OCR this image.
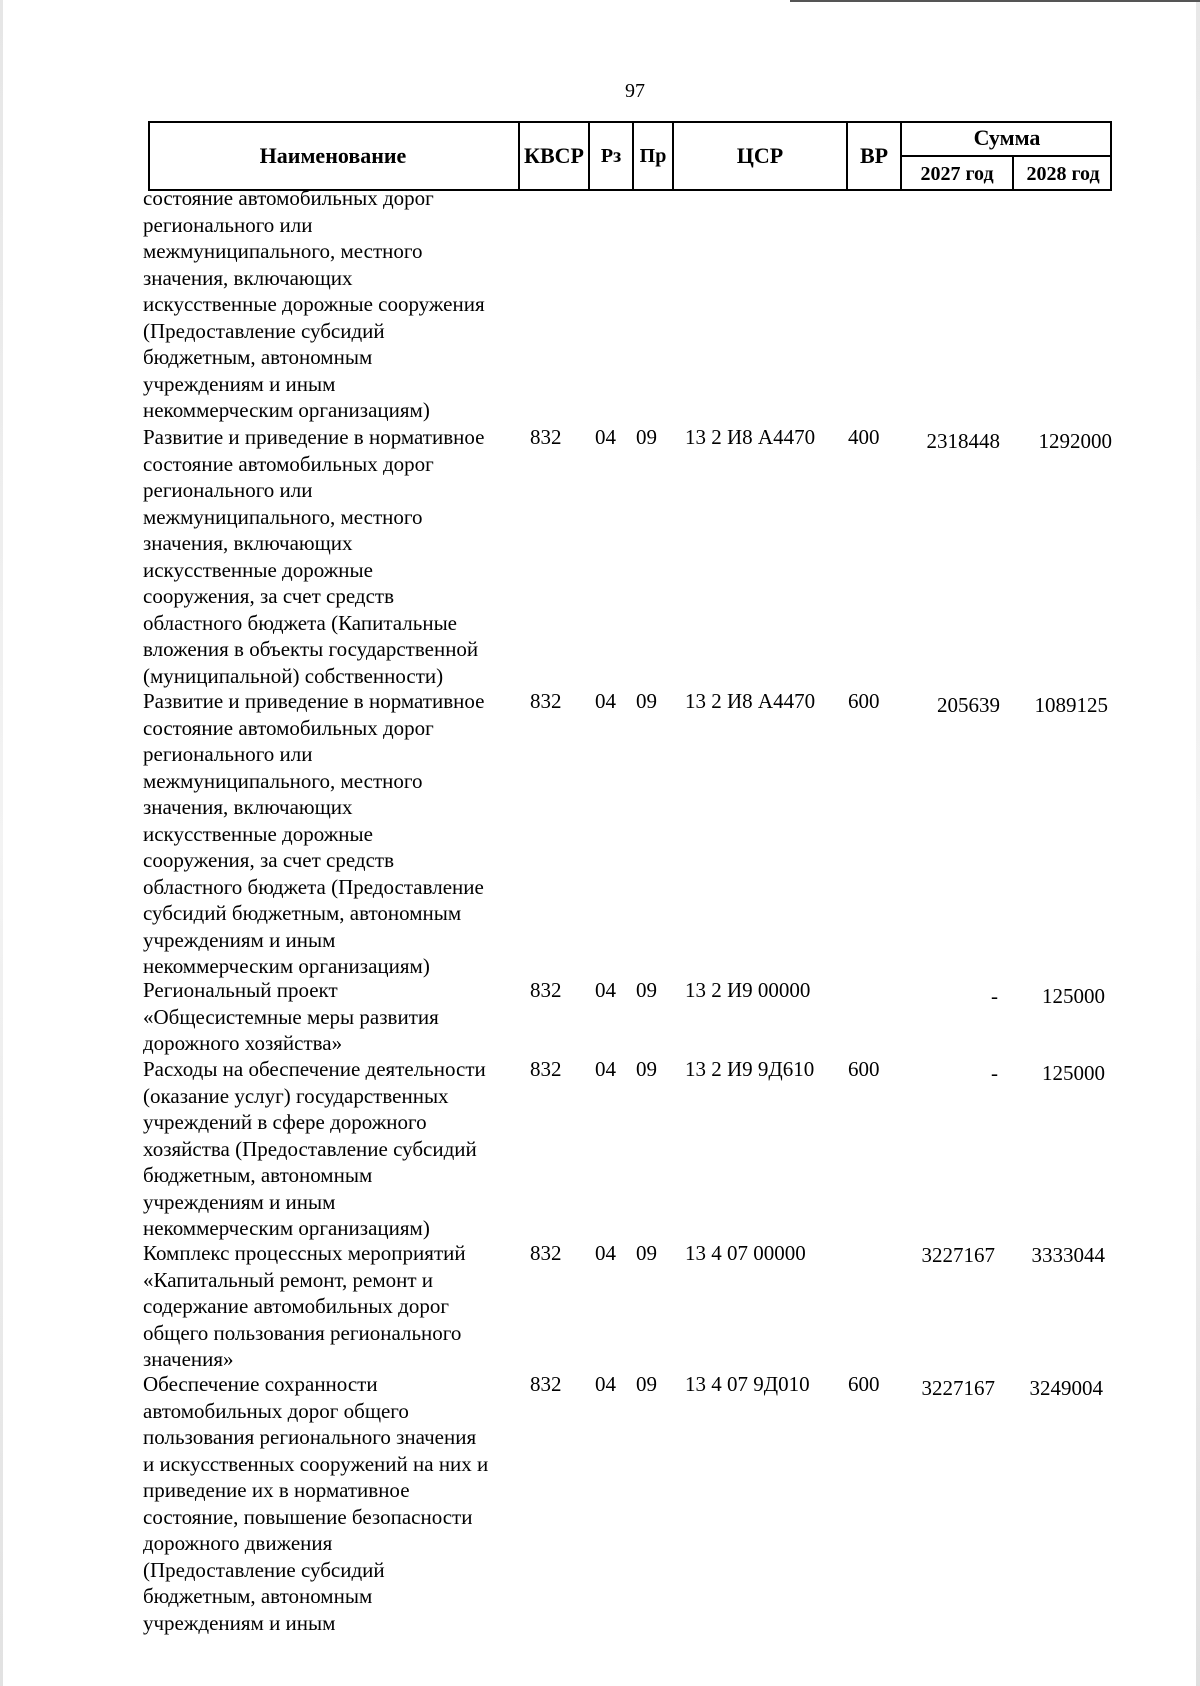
97
Наименование	КВСР Рз Пр	ЦСР	ВР
Сумма
2027 год	2028 год
состояние автомобильных дорог
регионального или
межмуниципального, местного
значения, включающих
искусственные дорожные сооружения
(Предоставление субсидий
бюджетным, автономным
учреждениям и иным
некоммерческим организациям)
Развитие и приведение в нормативное
состояние автомобильных дорог
регионального или
межмуниципального, местного
значения, включающих
искусственные дорожные
сооружения, за счет средств
областного бюджета (Капитальные
вложения в объекты государственной
(муниципальной) собственности)
832 04 09 13 2 И8 А4470 400	2318448	1292000
Развитие и приведение в нормативное
состояние автомобильных дорог
регионального или
межмуниципального, местного
значения, включающих
искусственные дорожные
сооружения, за счет средств
областного бюджета (Предоставление
субсидий бюджетным, автономным
учреждениям и иным
некоммерческим организациям)
832 04 09 13 2 И8 А4470 600	205639	1089125
Региональный проект
«Общесистемные меры развития
дорожного хозяйства»
832 04 09 13 2 И9 00000	-	125000
Расходы на обеспечение деятельности
(оказание услуг) государственных
учреждений в сфере дорожного
хозяйства (Предоставление субсидий
бюджетным, автономным
учреждениям и иным
некоммерческим организациям)
832 04 09 13 2 И9 9Д610 600	-	125000
Комплекс процессных мероприятий
«Капитальный ремонт, ремонт и
содержание автомобильных дорог
общего пользования регионального
значения»
832 04 09 13 4 07 00000	3227167	3333044
Обеспечение сохранности
автомобильных дорог общего
пользования регионального значения
и искусственных сооружений на них и
приведение их в нормативное
состояние, повышение безопасности
дорожного движения
(Предоставление субсидий
бюджетным, автономным
учреждениям и иным
832 04 09 13 4 07 9Д010 600	3227167	3249004
